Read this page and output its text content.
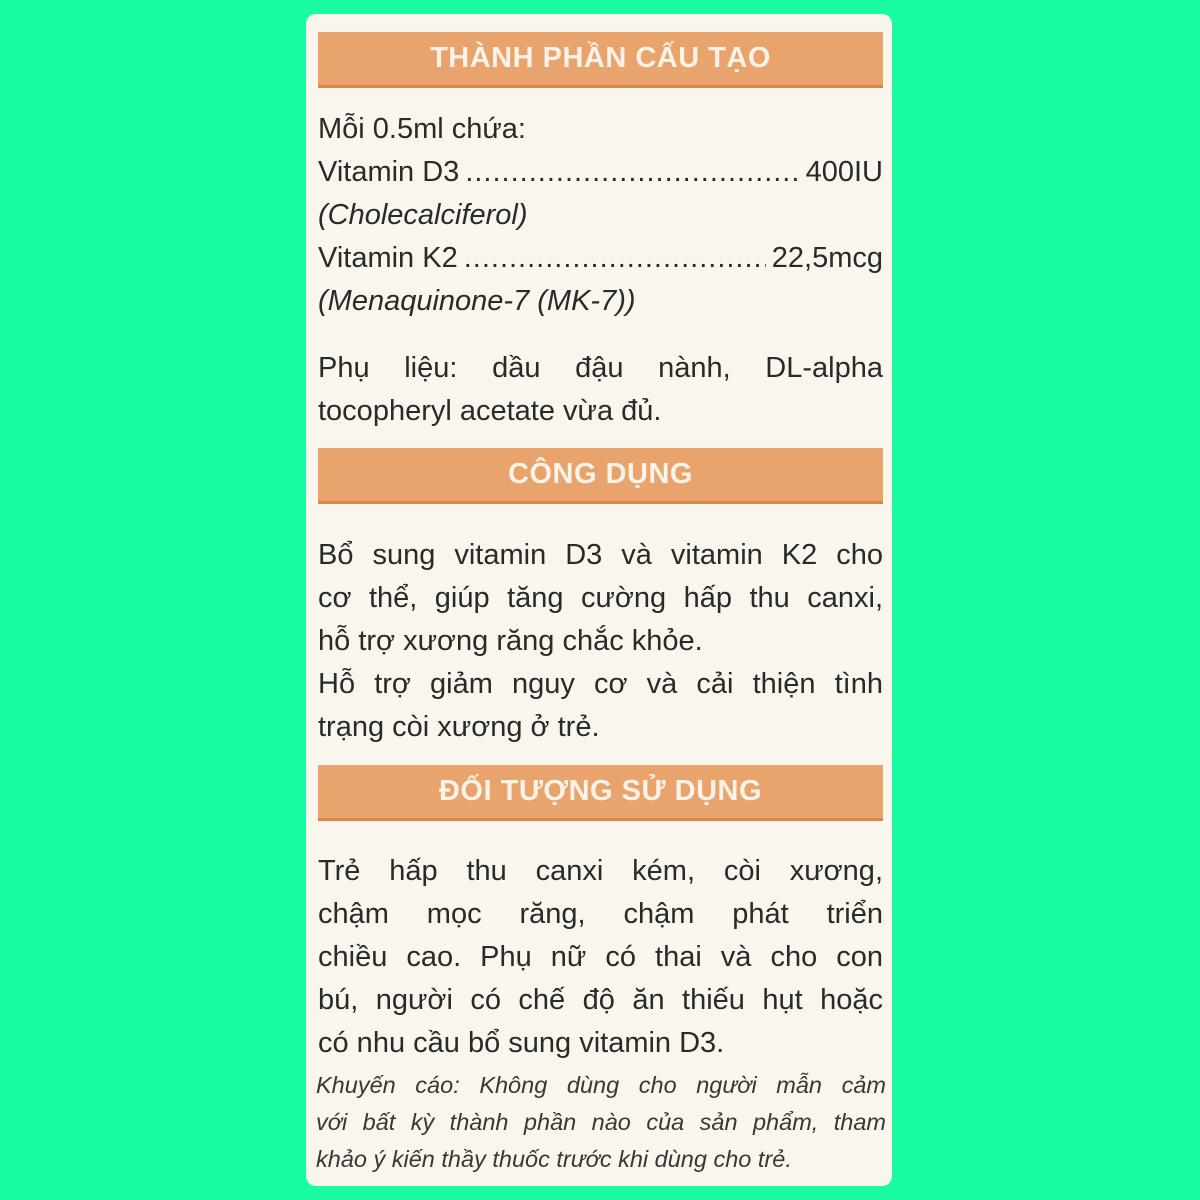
THÀNH PHẦN CẤU TẠO
Mỗi 0.5ml chứa:
Vitamin D3 .....	400IU
(Cholecalciferol)
Vitamin K2 .....	22,5mcg
(Menaquinone-7 (MK-7))
Phụ liệu: dầu đậu nành, DL-alpha
tocopheryl acetate vừa đủ.
CÔNG DỤNG
Bổ sung vitamin D3 và vitamin K2 cho
cơ thể, giúp tăng cường hấp thu canxi,
hỗ trợ xương răng chắc khỏe.
Hỗ trợ giảm nguy cơ và cải thiện tình
trạng còi xương ở trẻ.
ĐỐI TƯỢNG SỬ DỤNG
Trẻ hấp thu canxi kém, còi xương,
chậm mọc răng, chậm phát triển
chiều cao. Phụ nữ có thai và cho con
bú, người có chế độ ăn thiếu hụt hoặc
có nhu cầu bổ sung vitamin D3.
Khuyến cáo: Không dùng cho người mẫn cảm
với bất kỳ thành phần nào của sản phẩm, tham
khảo ý kiến thầy thuốc trước khi dùng cho trẻ.
